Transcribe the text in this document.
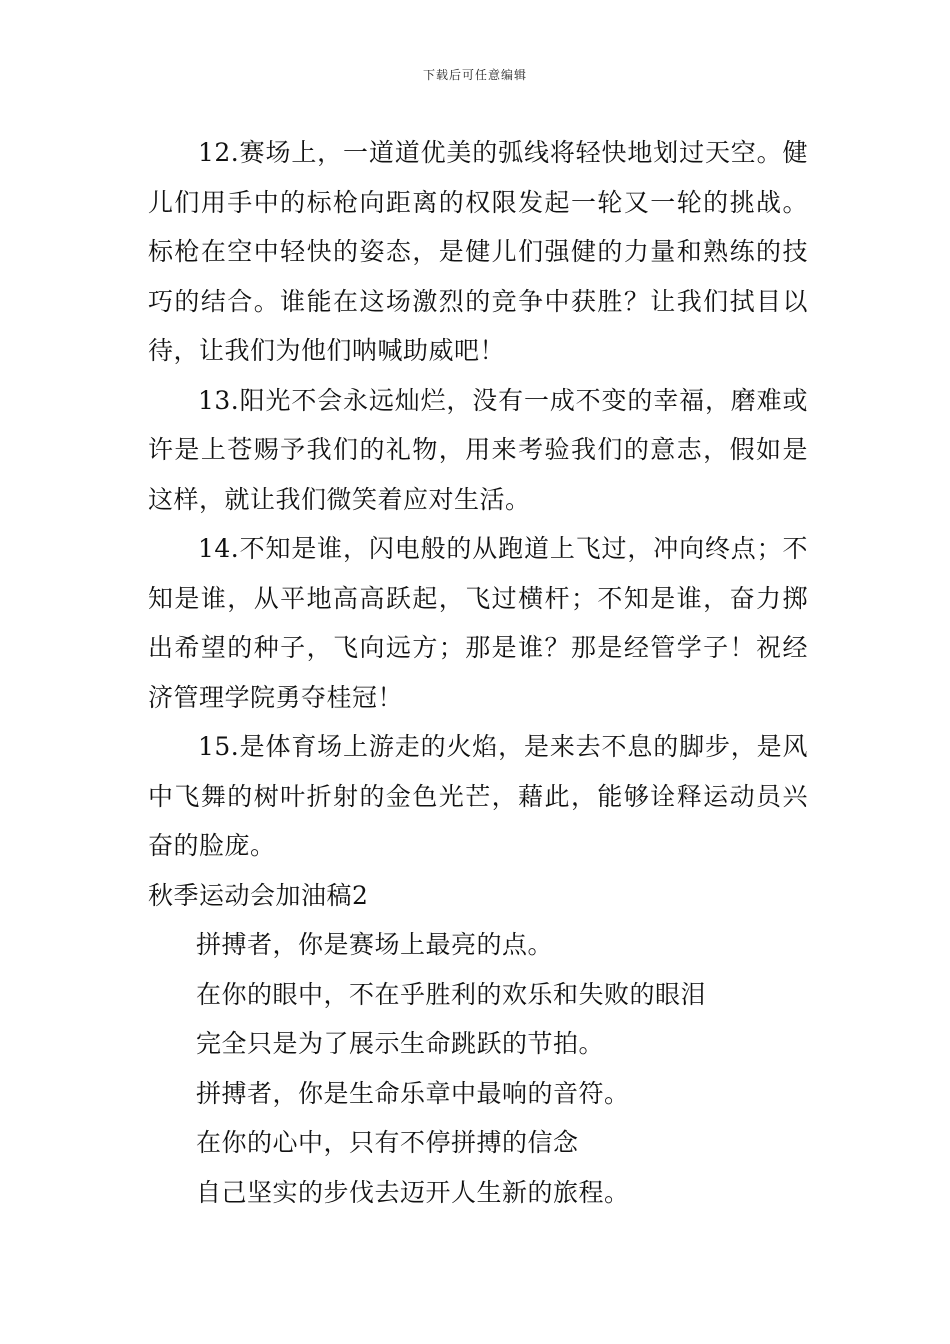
下载后可任意编辑

12.赛场上，一道道优美的弧线将轻快地划过天空。健儿们用手中的标枪向距离的权限发起一轮又一轮的挑战。标枪在空中轻快的姿态，是健儿们强健的力量和熟练的技巧的结合。谁能在这场激烈的竞争中获胜？让我们拭目以待，让我们为他们呐喊助威吧！

13.阳光不会永远灿烂，没有一成不变的幸福，磨难或许是上苍赐予我们的礼物，用来考验我们的意志，假如是这样，就让我们微笑着应对生活。

14.不知是谁，闪电般的从跑道上飞过，冲向终点；不知是谁，从平地高高跃起，飞过横杆；不知是谁，奋力掷出希望的种子，飞向远方；那是谁？那是经管学子！祝经济管理学院勇夺桂冠！

15.是体育场上游走的火焰，是来去不息的脚步，是风中飞舞的树叶折射的金色光芒，藉此，能够诠释运动员兴奋的脸庞。

秋季运动会加油稿2

拼搏者，你是赛场上最亮的点。

在你的眼中，不在乎胜利的欢乐和失败的眼泪

完全只是为了展示生命跳跃的节拍。

拼搏者，你是生命乐章中最响的音符。

在你的心中，只有不停拼搏的信念

自己坚实的步伐去迈开人生新的旅程。
